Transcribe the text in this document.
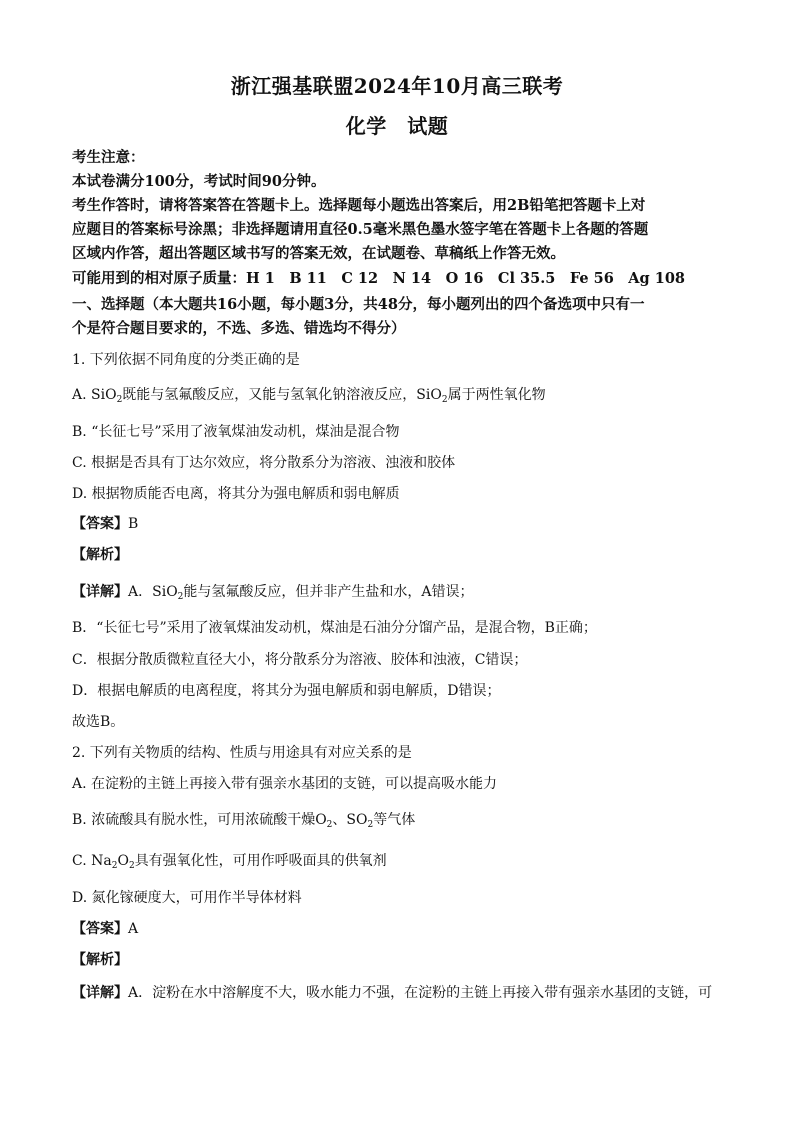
浙江强基联盟2024年10月高三联考
化学　试题
考生注意：
本试卷满分100分，考试时间90分钟。
考生作答时，请将答案答在答题卡上。选择题每小题选出答案后，用2B铅笔把答题卡上对
应题目的答案标号涂黑；非选择题请用直径0.5毫米黑色墨水签字笔在答题卡上各题的答题
区域内作答，超出答题区域书写的答案无效，在试题卷、草稿纸上作答无效。
可能用到的相对原子质量：H 1　B 11　C 12　N 14　O 16　Cl 35.5　Fe 56　Ag 108
一、选择题（本大题共16小题，每小题3分，共48分，每小题列出的四个备选项中只有一
个是符合题目要求的，不选、多选、错选均不得分）
1. 下列依据不同角度的分类正确的是
A. SiO$_2$既能与氢氟酸反应，又能与氢氧化钠溶液反应，SiO$_2$属于两性氧化物
B. “长征七号”采用了液氧煤油发动机，煤油是混合物
C. 根据是否具有丁达尔效应，将分散系分为溶液、浊液和胶体
D. 根据物质能否电离，将其分为强电解质和弱电解质
【答案】B
【解析】
【详解】A．SiO$_2$能与氢氟酸反应，但并非产生盐和水，A错误；
B．“长征七号”采用了液氧煤油发动机，煤油是石油分分馏产品，是混合物，B正确；
C．根据分散质微粒直径大小，将分散系分为溶液、胶体和浊液，C错误；
D．根据电解质的电离程度，将其分为强电解质和弱电解质，D错误；
故选B。
2. 下列有关物质的结构、性质与用途具有对应关系的是
A. 在淀粉的主链上再接入带有强亲水基团的支链，可以提高吸水能力
B. 浓硫酸具有脱水性，可用浓硫酸干燥$O_2$、$SO_2$等气体
C. $Na_2O_2$具有强氧化性，可用作呼吸面具的供氧剂
D. 氮化镓硬度大，可用作半导体材料
【答案】A
【解析】
【详解】A．淀粉在水中溶解度不大，吸水能力不强，在淀粉的主链上再接入带有强亲水基团的支链，可
